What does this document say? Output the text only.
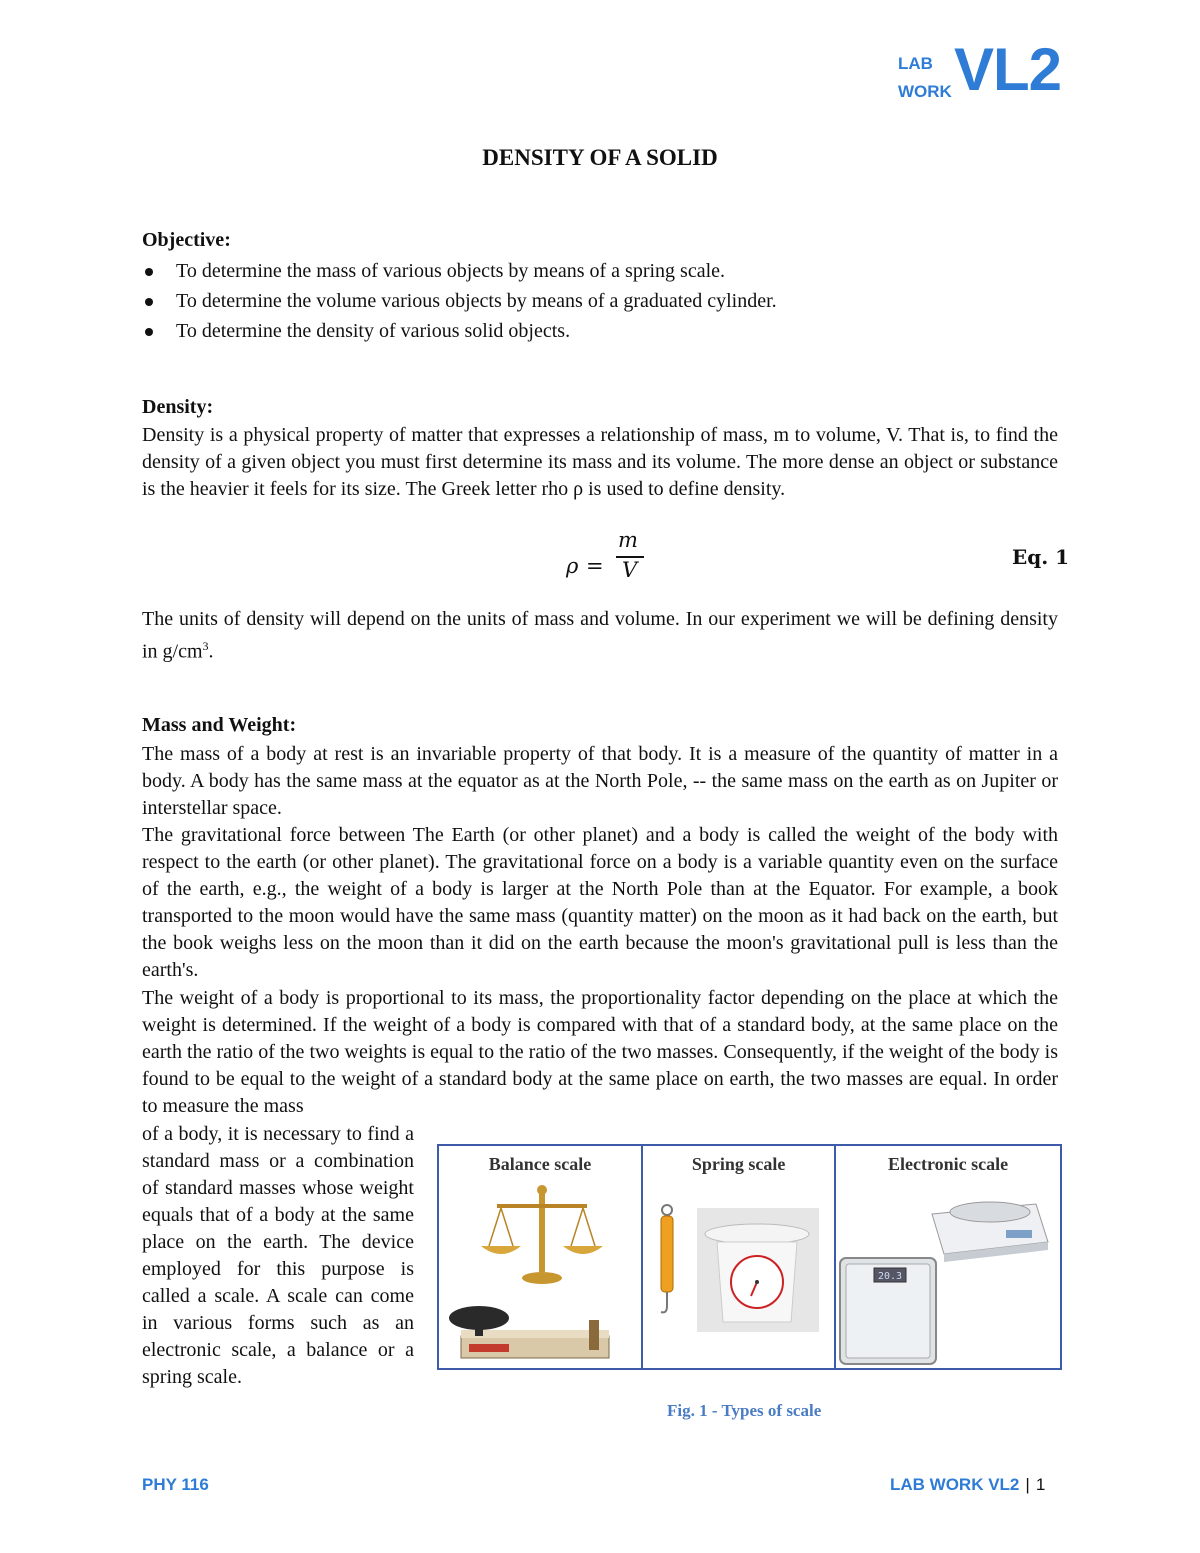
LAB
WORK VL2
DENSITY OF A SOLID
Objective:
To determine the mass of various objects by means of a spring scale.
To determine the volume various objects by means of a graduated cylinder.
To determine the density of various solid objects.
Density:

Density is a physical property of matter that expresses a relationship of mass, m to volume, V. That is, to find the density of a given object you must first determine its mass and its volume. The more dense an object or substance is the heavier it feels for its size. The Greek letter rho ρ is used to define density.

ρ =
m
V
Eq. 1

The units of density will depend on the units of mass and volume. In our experiment we will be defining density in $g/cm^3$.

Mass and Weight:

The mass of a body at rest is an invariable property of that body. It is a measure of the quantity of matter in a body. A body has the same mass at the equator as at the North Pole, -- the same mass on the earth as on Jupiter or interstellar space.

The gravitational force between The Earth (or other planet) and a body is called the weight of the body with respect to the earth (or other planet). The gravitational force on a body is a variable quantity even on the surface of the earth, e.g., the weight of a body is larger at the North Pole than at the Equator. For example, a book transported to the moon would have the same mass (quantity matter) on the moon as it had back on the earth, but the book weighs less on the moon than it did on the earth because the moon's gravitational pull is less than the earth's.

The weight of a body is proportional to its mass, the proportionality factor depending on the place at which the weight is determined. If the weight of a body is compared with that of a standard body, at the same place on the earth the ratio of the two weights is equal to the ratio of the two masses. Consequently, if the weight of the body is found to be equal to the weight of a standard body at the same place on earth, the two masses are equal. In order to measure the mass

of a body, it is necessary to find a standard mass or a combination of standard masses whose weight equals that of a body at the same place on the earth. The device employed for this purpose is called a scale. A scale can come in various forms such as an electronic scale, a balance or a spring scale.

Balance scale	Spring scale	Electronic scale
20.3
Fig. 1 - Types of scale
PHY 116	LAB WORK VL2 | 1
